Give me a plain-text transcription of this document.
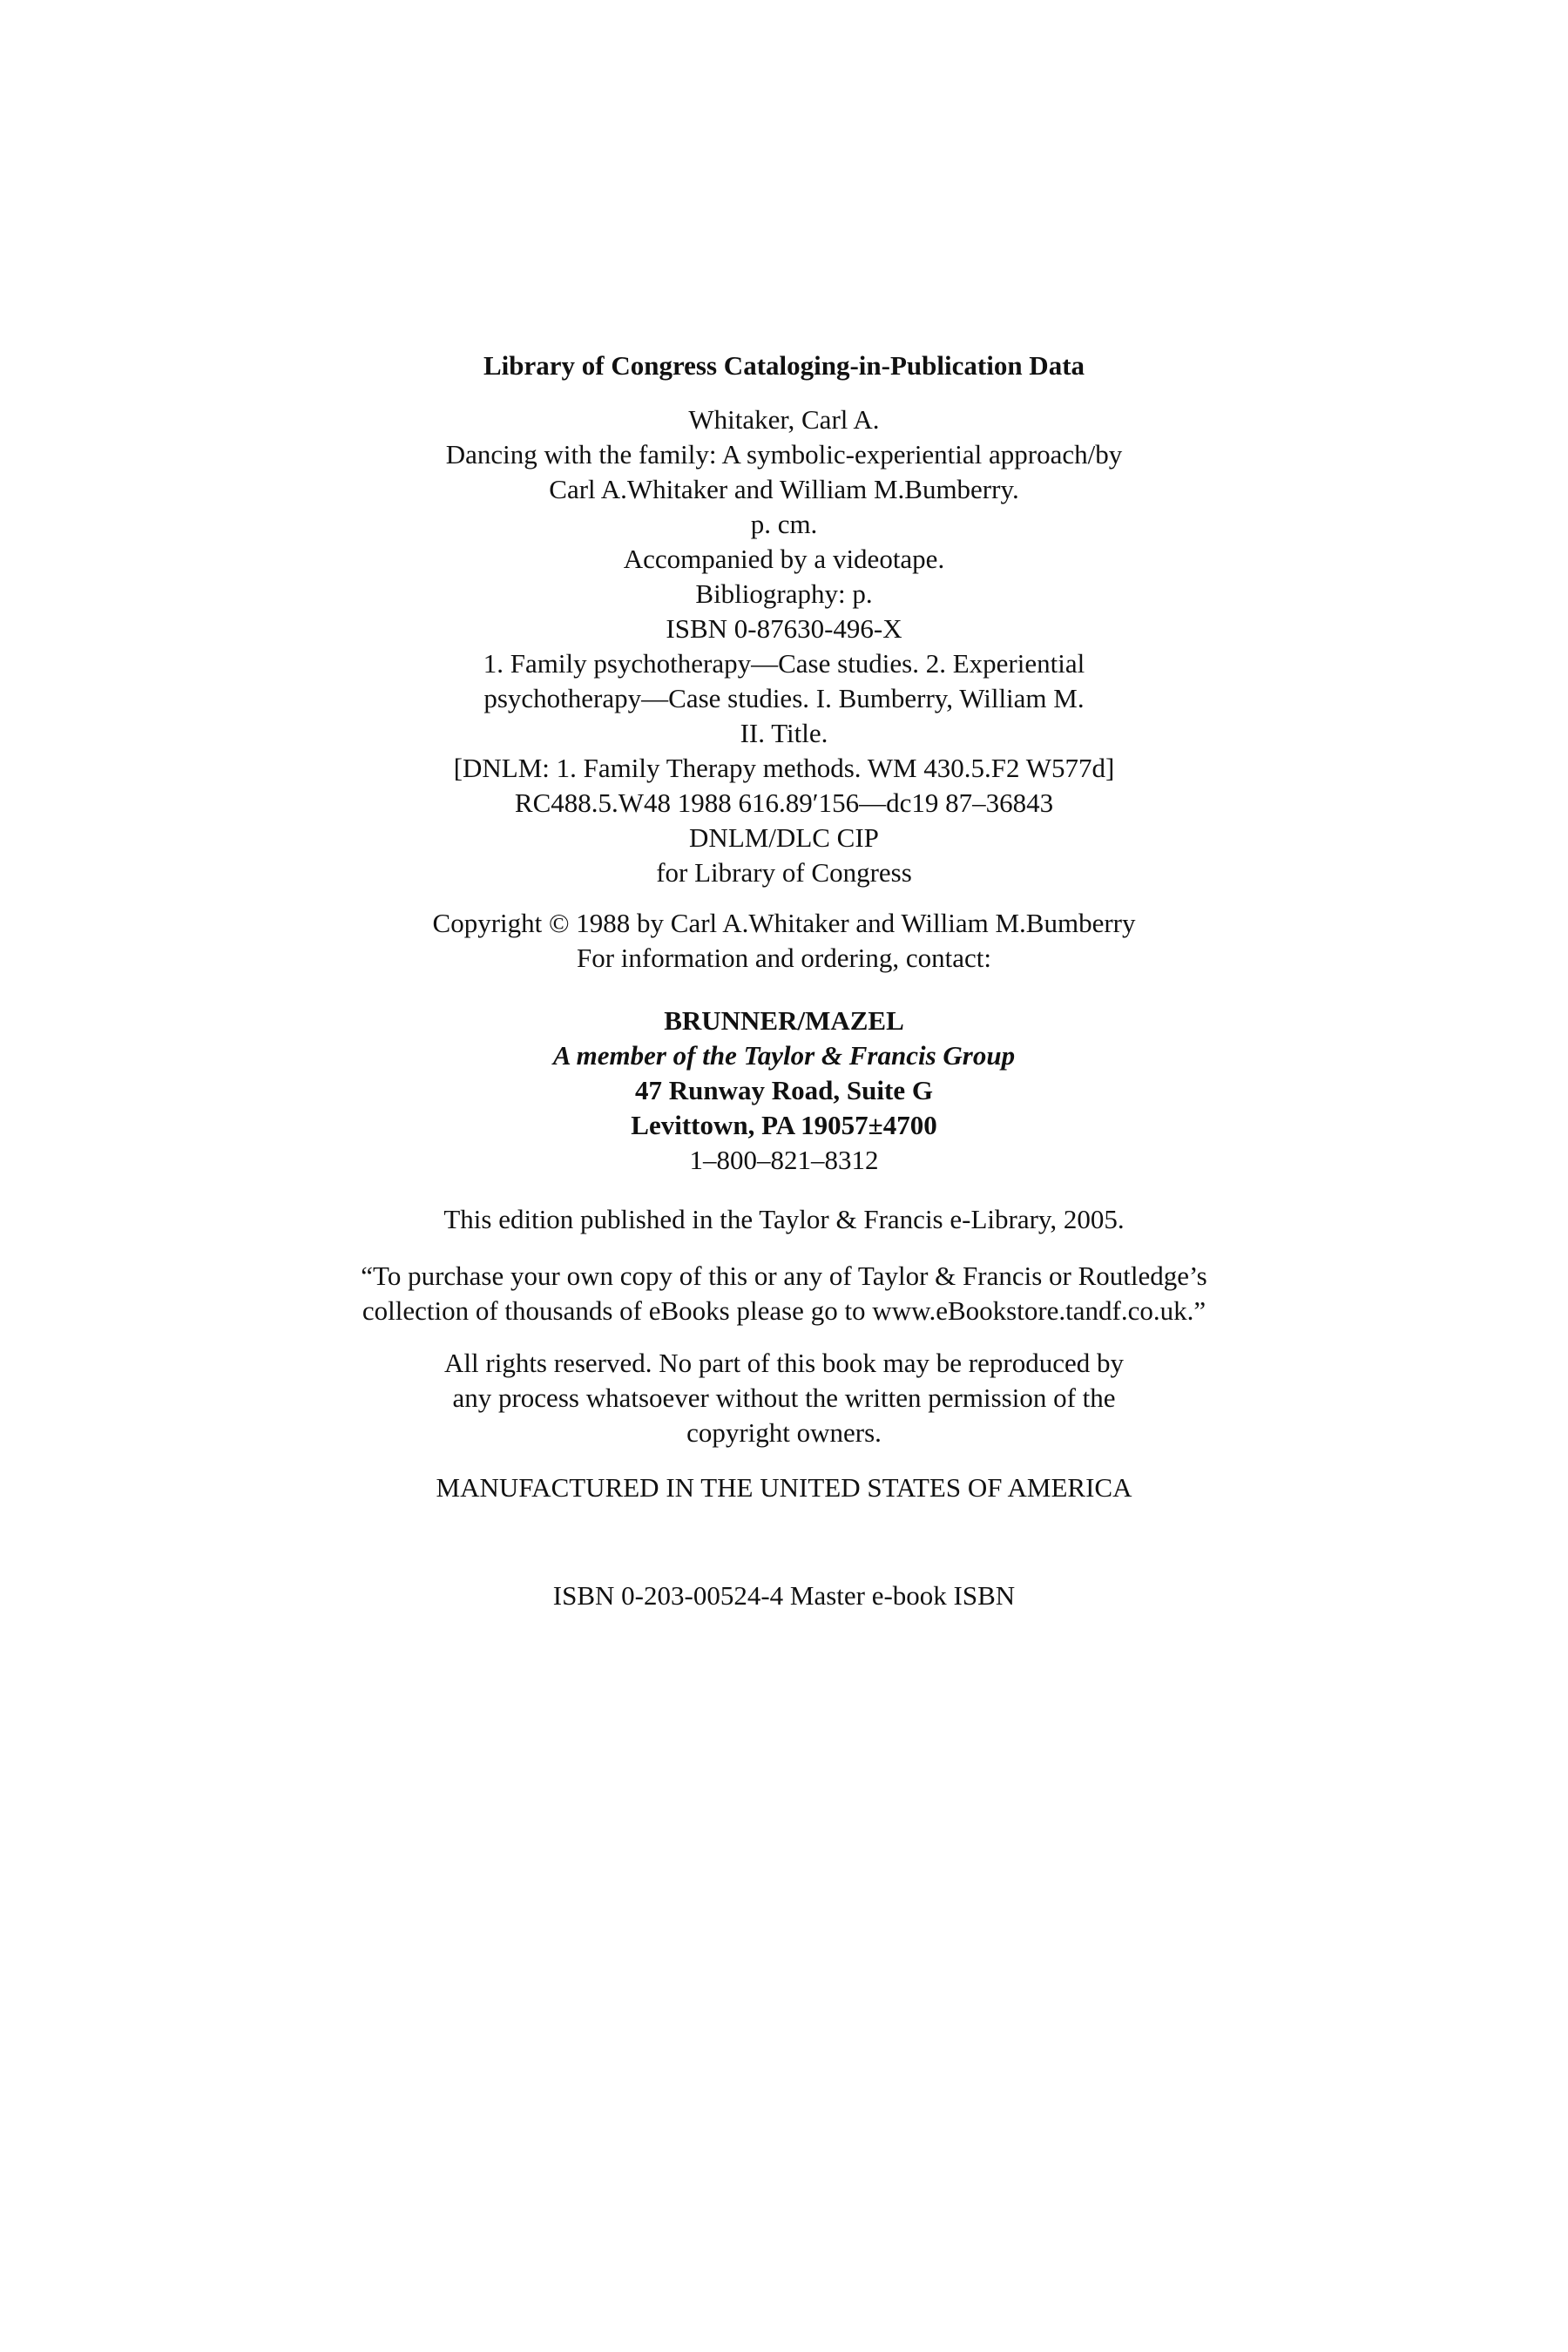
Library of Congress Cataloging-in-Publication Data
Whitaker, Carl A.
Dancing with the family: A symbolic-experiential approach/by
Carl A.Whitaker and William M.Bumberry.
p. cm.
Accompanied by a videotape.
Bibliography: p.
ISBN 0-87630-496-X
1. Family psychotherapy—Case studies. 2. Experiential
psychotherapy—Case studies. I. Bumberry, William M.
II. Title.
[DNLM: 1. Family Therapy methods. WM 430.5.F2 W577d]
RC488.5.W48 1988 616.89′156—dc19 87–36843
DNLM/DLC CIP
for Library of Congress
Copyright © 1988 by Carl A.Whitaker and William M.Bumberry
For information and ordering, contact:
BRUNNER/MAZEL
A member of the Taylor & Francis Group
47 Runway Road, Suite G
Levittown, PA 19057±4700
1–800–821–8312
This edition published in the Taylor & Francis e-Library, 2005.
“To purchase your own copy of this or any of Taylor & Francis or Routledge’s
collection of thousands of eBooks please go to www.eBookstore.tandf.co.uk.”
All rights reserved. No part of this book may be reproduced by
any process whatsoever without the written permission of the
copyright owners.
MANUFACTURED IN THE UNITED STATES OF AMERICA
ISBN 0-203-00524-4 Master e-book ISBN
